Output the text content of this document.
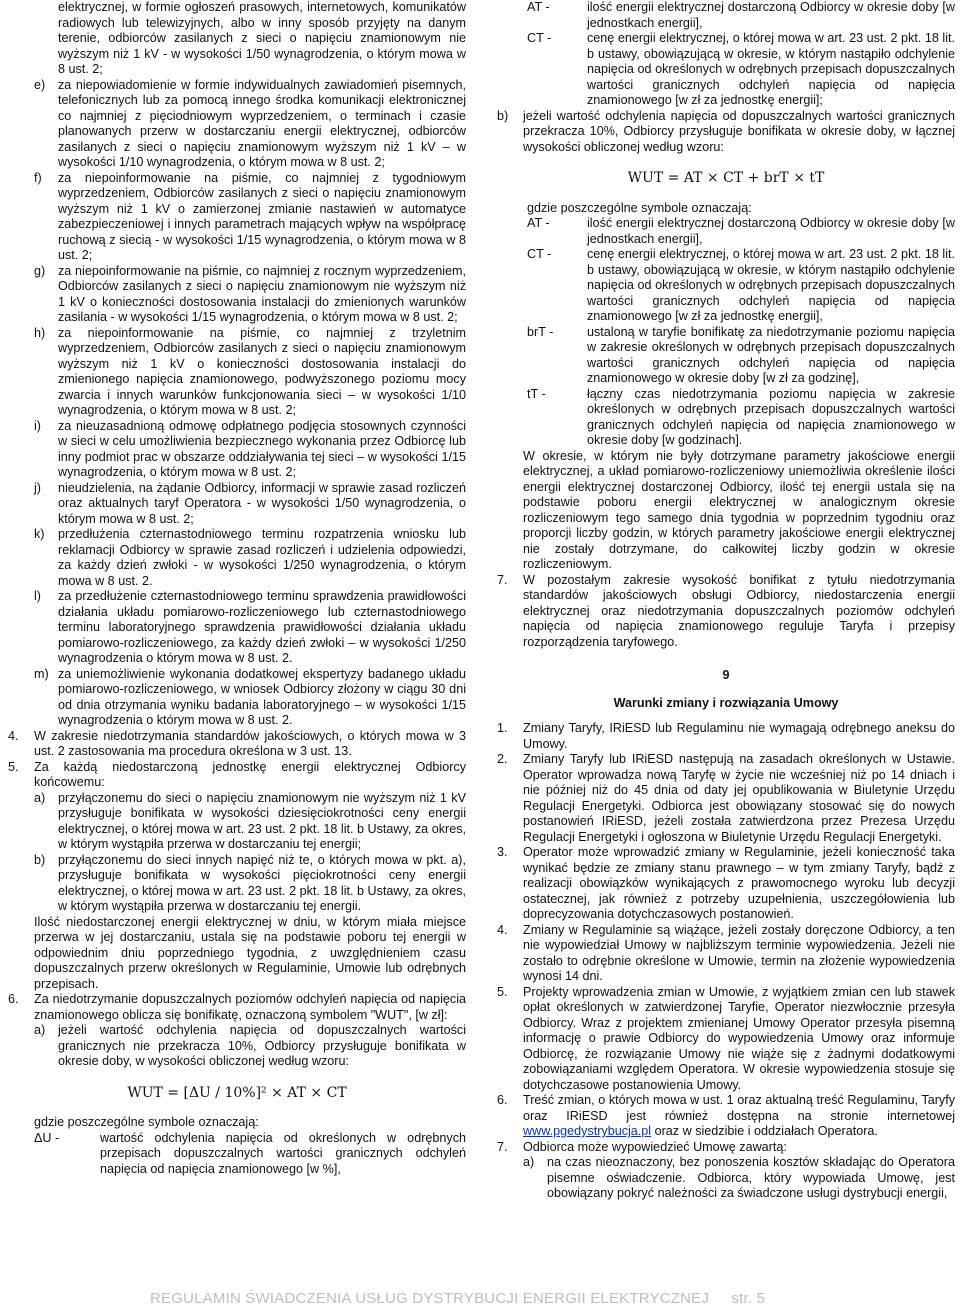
elektrycznej, w formie ogłoszeń prasowych, internetowych, komunikatów radiowych lub telewizyjnych, albo w inny sposób przyjęty na danym terenie, odbiorców zasilanych z sieci o napięciu znamionowym nie wyższym niż 1 kV - w wysokości 1/50 wynagrodzenia, o którym mowa w 8 ust. 2;

e) za niepowiadomienie w formie indywidualnych zawiadomień pisemnych, telefonicznych lub za pomocą innego środka komunikacji elektronicznej co najmniej z pięciodniowym wyprzedzeniem, o terminach i czasie planowanych przerw w dostarczaniu energii elektrycznej, odbiorców zasilanych z sieci o napięciu znamionowym wyższym niż 1 kV – w wysokości 1/10 wynagrodzenia, o którym mowa w 8 ust. 2;
f) za niepoinformowanie na piśmie, co najmniej z tygodniowym wyprzedzeniem, Odbiorców zasilanych z sieci o napięciu znamionowym wyższym niż 1 kV o zamierzonej zmianie nastawień w automatyce zabezpieczeniowej i innych parametrach mających wpływ na współpracę ruchową z siecią - w wysokości 1/15 wynagrodzenia, o którym mowa w 8 ust. 2;
g) za niepoinformowanie na piśmie, co najmniej z rocznym wyprzedzeniem, Odbiorców zasilanych z sieci o napięciu znamionowym nie wyższym niż 1 kV o konieczności dostosowania instalacji do zmienionych warunków zasilania - w wysokości 1/15 wynagrodzenia, o którym mowa w 8 ust. 2;
h) za niepoinformowanie na piśmie, co najmniej z trzyletnim wyprzedzeniem, Odbiorców zasilanych z sieci o napięciu znamionowym wyższym niż 1 kV o konieczności dostosowania instalacji do zmienionego napięcia znamionowego, podwyższonego poziomu mocy zwarcia i innych warunków funkcjonowania sieci – w wysokości 1/10 wynagrodzenia, o którym mowa w 8 ust. 2;
i) za nieuzasadnioną odmowę odpłatnego podjęcia stosownych czynności w sieci w celu umożliwienia bezpiecznego wykonania przez Odbiorcę lub inny podmiot prac w obszarze oddziaływania tej sieci – w wysokości 1/15 wynagrodzenia, o którym mowa w 8 ust. 2;
j) nieudzielenia, na żądanie Odbiorcy, informacji w sprawie zasad rozliczeń oraz aktualnych taryf Operatora - w wysokości 1/50 wynagrodzenia, o którym mowa w 8 ust. 2;
k) przedłużenia czternastodniowego terminu rozpatrzenia wniosku lub reklamacji Odbiorcy w sprawie zasad rozliczeń i udzielenia odpowiedzi, za każdy dzień zwłoki - w wysokości 1/250 wynagrodzenia, o którym mowa w 8 ust. 2.
l) za przedłużenie czternastodniowego terminu sprawdzenia prawidłowości działania układu pomiarowo-rozliczeniowego lub czternastodniowego terminu laboratoryjnego sprawdzenia prawidłowości działania układu pomiarowo-rozliczeniowego, za każdy dzień zwłoki – w wysokości 1/250 wynagrodzenia o którym mowa w 8 ust. 2.
m) za uniemożliwienie wykonania dodatkowej ekspertyzy badanego układu pomiarowo-rozliczeniowego, w wniosek Odbiorcy złożony w ciągu 30 dni od dnia otrzymania wyniku badania laboratoryjnego – w wysokości 1/15 wynagrodzenia o którym mowa w 8 ust. 2.
4. W zakresie niedotrzymania standardów jakościowych, o których mowa w 3 ust. 2 zastosowania ma procedura określona w 3 ust. 13.
5. Za każdą niedostarczoną jednostkę energii elektrycznej Odbiorcy końcowemu:
a) przyłączonemu do sieci o napięciu znamionowym nie wyższym niż 1 kV przysługuje bonifikata w wysokości dziesięciokrotności ceny energii elektrycznej, o której mowa w art. 23 ust. 2 pkt. 18 lit. b Ustawy, za okres, w którym wystąpiła przerwa w dostarczaniu tej energii;
b) przyłączonemu do sieci innych napięć niż te, o których mowa w pkt. a), przysługuje bonifikata w wysokości pięciokrotności ceny energii elektrycznej, o której mowa w art. 23 ust. 2 pkt. 18 lit. b Ustawy, za okres, w którym wystąpiła przerwa w dostarczaniu tej energii.

Ilość niedostarczonej energii elektrycznej w dniu, w którym miała miejsce przerwa w jej dostarczaniu, ustala się na podstawie poboru tej energii w odpowiednim dniu poprzedniego tygodnia, z uwzględnieniem czasu dopuszczalnych przerw określonych w Regulaminie, Umowie lub odrębnych przepisach.

6. Za niedotrzymanie dopuszczalnych poziomów odchyleń napięcia od napięcia znamionowego oblicza się bonifikatę, oznaczoną symbolem "WUT", [w zł]:
a) jeżeli wartość odchylenia napięcia od dopuszczalnych wartości granicznych nie przekracza 10%, Odbiorcy przysługuje bonifikata w okresie doby, w wysokości obliczonej według wzoru:
WUT = [ΔU / 10%]² × AT × CT

gdzie poszczególne symbole oznaczają:

ΔU -	wartość odchylenia napięcia od określonych w odrębnych przepisach dopuszczalnych wartości granicznych odchyleń napięcia od napięcia znamionowego [w %],
AT -	ilość energii elektrycznej dostarczoną Odbiorcy w okresie doby [w jednostkach energii],
CT -	cenę energii elektrycznej, o której mowa w art. 23 ust. 2 pkt. 18 lit. b ustawy, obowiązującą w okresie, w którym nastąpiło odchylenie napięcia od określonych w odrębnych przepisach dopuszczalnych wartości granicznych odchyleń napięcia od napięcia znamionowego [w zł za jednostkę energii];
b) jeżeli wartość odchylenia napięcia od dopuszczalnych wartości granicznych przekracza 10%, Odbiorcy przysługuje bonifikata w okresie doby, w łącznej wysokości obliczonej według wzoru:
WUT = AT × CT + brT × tT

gdzie poszczególne symbole oznaczają:

AT -	ilość energii elektrycznej dostarczoną Odbiorcy w okresie doby [w jednostkach energii],
CT -	cenę energii elektrycznej, o której mowa w art. 23 ust. 2 pkt. 18 lit. b ustawy, obowiązującą w okresie, w którym nastąpiło odchylenie napięcia od określonych w odrębnych przepisach dopuszczalnych wartości granicznych odchyleń napięcia od napięcia znamionowego [w zł za jednostkę energii],
brT -	ustaloną w taryfie bonifikatę za niedotrzymanie poziomu napięcia w zakresie określonych w odrębnych przepisach dopuszczalnych wartości granicznych odchyleń napięcia od napięcia znamionowego w okresie doby [w zł za godzinę],
tT -	łączny czas niedotrzymania poziomu napięcia w zakresie określonych w odrębnych przepisach dopuszczalnych wartości granicznych odchyleń napięcia od napięcia znamionowego w okresie doby [w godzinach].

W okresie, w którym nie były dotrzymane parametry jakościowe energii elektrycznej, a układ pomiarowo-rozliczeniowy uniemożliwia określenie ilości energii elektrycznej dostarczonej Odbiorcy, ilość tej energii ustala się na podstawie poboru energii elektrycznej w analogicznym okresie rozliczeniowym tego samego dnia tygodnia w poprzednim tygodniu oraz proporcji liczby godzin, w których parametry jakościowe energii elektrycznej nie zostały dotrzymane, do całkowitej liczby godzin w okresie rozliczeniowym.

7. W pozostałym zakresie wysokość bonifikat z tytułu niedotrzymania standardów jakościowych obsługi Odbiorcy, niedostarczenia energii elektrycznej oraz niedotrzymania dopuszczalnych poziomów odchyleń napięcia od napięcia znamionowego reguluje Taryfa i przepisy rozporządzenia taryfowego.
9
Warunki zmiany i rozwiązania Umowy
1. Zmiany Taryfy, IRiESD lub Regulaminu nie wymagają odrębnego aneksu do Umowy.
2. Zmiany Taryfy lub IRiESD następują na zasadach określonych w Ustawie. Operator wprowadza nową Taryfę w życie nie wcześniej niż po 14 dniach i nie później niż do 45 dnia od daty jej opublikowania w Biuletynie Urzędu Regulacji Energetyki. Odbiorca jest obowiązany stosować się do nowych postanowień IRiESD, jeżeli została zatwierdzona przez Prezesa Urzędu Regulacji Energetyki i ogłoszona w Biuletynie Urzędu Regulacji Energetyki.
3. Operator może wprowadzić zmiany w Regulaminie, jeżeli konieczność taka wynikać będzie ze zmiany stanu prawnego – w tym zmiany Taryfy, bądź z realizacji obowiązków wynikających z prawomocnego wyroku lub decyzji ostatecznej, jak również z potrzeby uzupełnienia, uszczegółowienia lub doprecyzowania dotychczasowych postanowień.
4. Zmiany w Regulaminie są wiążące, jeżeli zostały doręczone Odbiorcy, a ten nie wypowiedział Umowy w najbliższym terminie wypowiedzenia. Jeżeli nie zostało to odrębnie określone w Umowie, termin na złożenie wypowiedzenia wynosi 14 dni.
5. Projekty wprowadzenia zmian w Umowie, z wyjątkiem zmian cen lub stawek opłat określonych w zatwierdzonej Taryfie, Operator niezwłocznie przesyła Odbiorcy. Wraz z projektem zmienianej Umowy Operator przesyła pisemną informację o prawie Odbiorcy do wypowiedzenia Umowy oraz informuje Odbiorcę, że rozwiązanie Umowy nie wiąże się z żadnymi dodatkowymi zobowiązaniami względem Operatora. W okresie wypowiedzenia stosuje się dotychczasowe postanowienia Umowy.
6. Treść zmian, o których mowa w ust. 1 oraz aktualną treść Regulaminu, Taryfy oraz IRiESD jest również dostępna na stronie internetowej www.pgedystrybucja.pl oraz w siedzibie i oddziałach Operatora.
7. Odbiorca może wypowiedzieć Umowę zawartą:
a) na czas nieoznaczony, bez ponoszenia kosztów składając do Operatora pisemne oświadczenie. Odbiorca, który wypowiada Umowę, jest obowiązany pokryć należności za świadczone usługi dystrybucji energii,
REGULAMIN ŚWIADCZENIA USŁUG DYSTRYBUCJI ENERGII ELEKTRYCZNEJ str. 5
